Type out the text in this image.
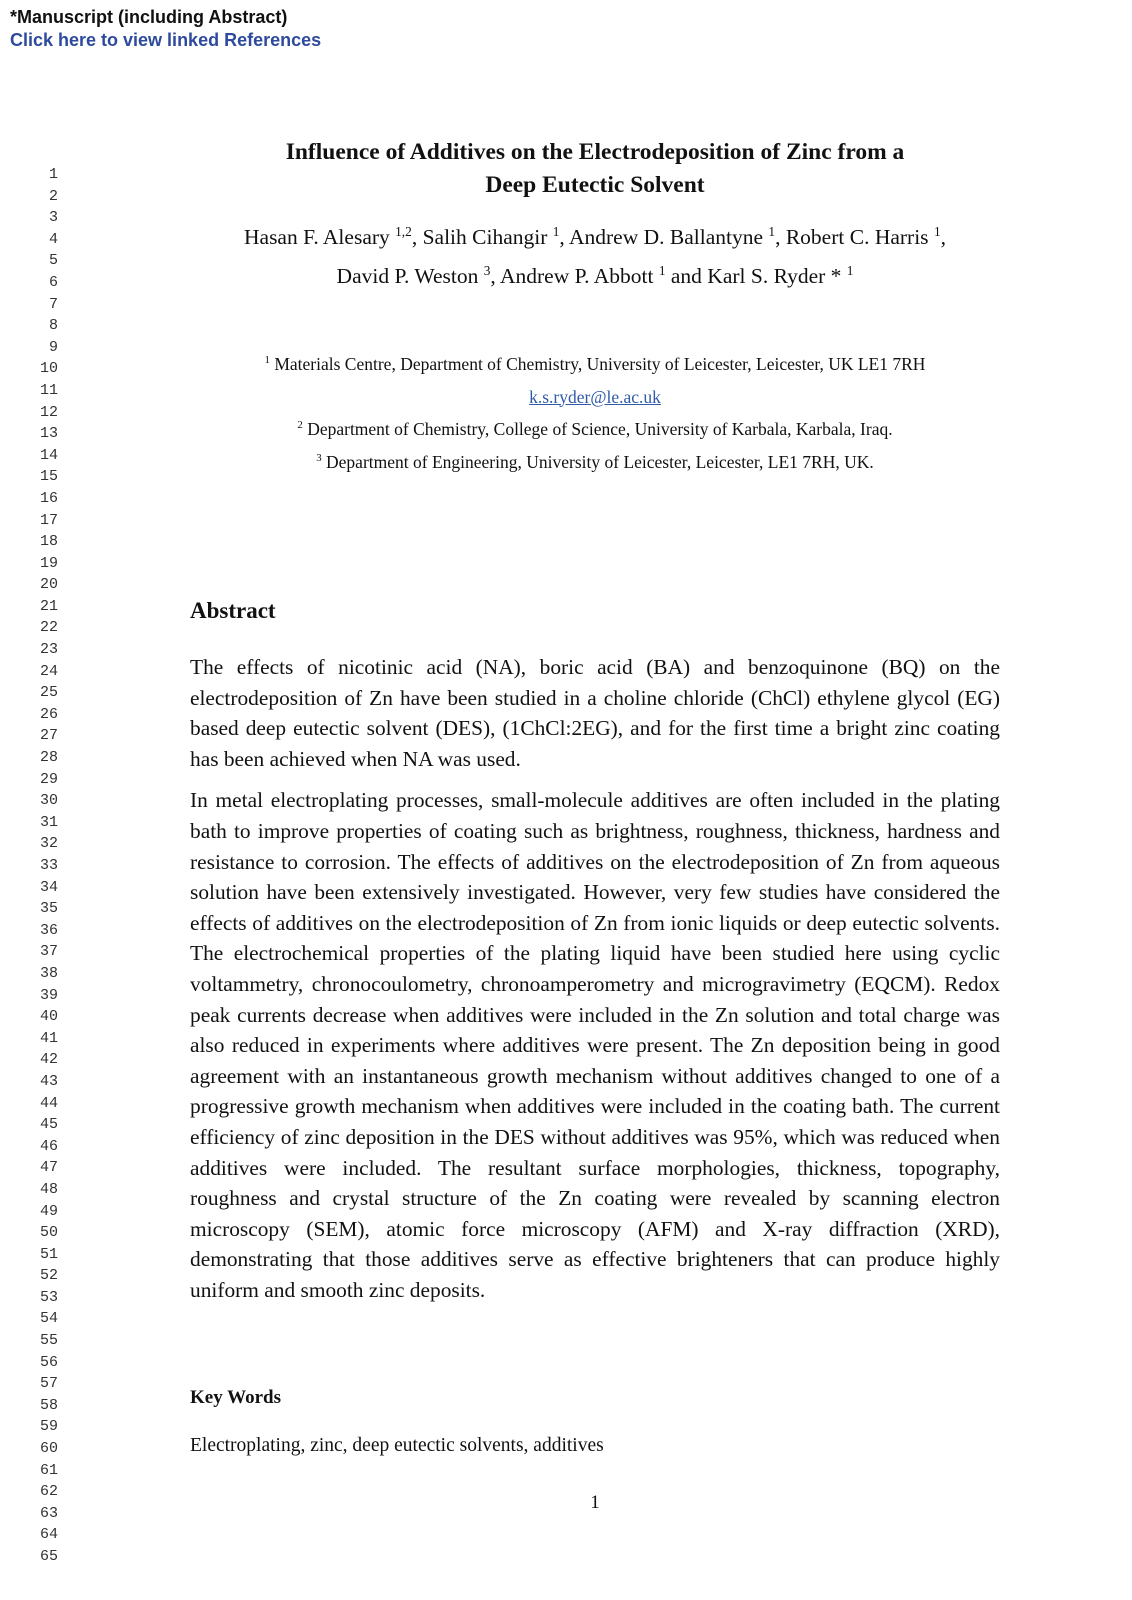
*Manuscript (including Abstract)
Click here to view linked References
1
2
3
4
5
6
7
8
9
10
11
12
13
14
15
16
17
18
19
20
21
22
23
24
25
26
27
28
29
30
31
32
33
34
35
36
37
38
39
40
41
42
43
44
45
46
47
48
49
50
51
52
53
54
55
56
57
58
59
60
61
62
63
64
65
Influence of Additives on the Electrodeposition of Zinc from a
Deep Eutectic Solvent
Hasan F. Alesary $^{1,2}$, Salih Cihangir $^1$, Andrew D. Ballantyne $^1$, Robert C. Harris $^1$,
David P. Weston $^3$, Andrew P. Abbott $^1$ and Karl S. Ryder * $^1$
$^1$ Materials Centre, Department of Chemistry, University of Leicester, Leicester, UK LE1 7RH
k.s.ryder@le.ac.uk
$^2$ Department of Chemistry, College of Science, University of Karbala, Karbala, Iraq.
$^3$ Department of Engineering, University of Leicester, Leicester, LE1 7RH, UK.
Abstract

The effects of nicotinic acid (NA), boric acid (BA) and benzoquinone (BQ) on the electrodeposition of Zn have been studied in a choline chloride (ChCl) ethylene glycol (EG) based deep eutectic solvent (DES), (1ChCl:2EG), and for the first time a bright zinc coating has been achieved when NA was used.

In metal electroplating processes, small-molecule additives are often included in the plating bath to improve properties of coating such as brightness, roughness, thickness, hardness and resistance to corrosion. The effects of additives on the electrodeposition of Zn from aqueous solution have been extensively investigated. However, very few studies have considered the effects of additives on the electrodeposition of Zn from ionic liquids or deep eutectic solvents. The electrochemical properties of the plating liquid have been studied here using cyclic voltammetry, chronocoulometry, chronoamperometry and microgravimetry (EQCM). Redox peak currents decrease when additives were included in the Zn solution and total charge was also reduced in experiments where additives were present. The Zn deposition being in good agreement with an instantaneous growth mechanism without additives changed to one of a progressive growth mechanism when additives were included in the coating bath. The current efficiency of zinc deposition in the DES without additives was 95%, which was reduced when additives were included. The resultant surface morphologies, thickness, topography, roughness and crystal structure of the Zn coating were revealed by scanning electron microscopy (SEM), atomic force microscopy (AFM) and X-ray diffraction (XRD), demonstrating that those additives serve as effective brighteners that can produce highly uniform and smooth zinc deposits.

Key Words

Electroplating, zinc, deep eutectic solvents, additives

1
